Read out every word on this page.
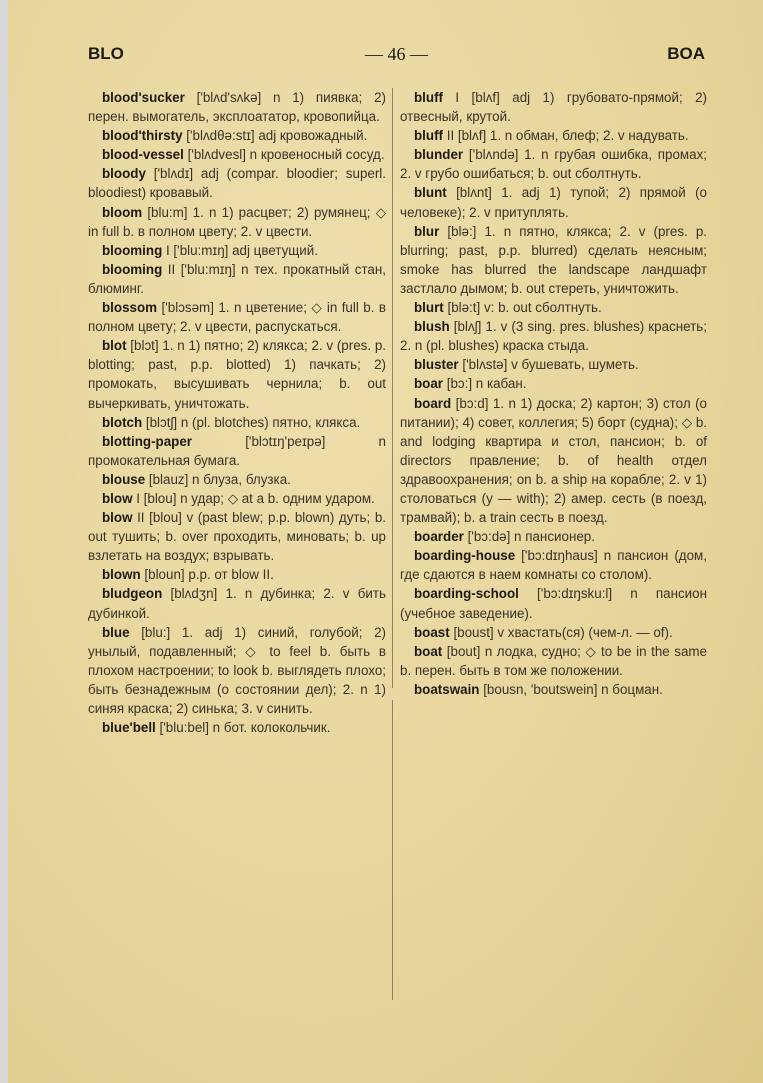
BLO	— 46 —	BOA

blood'sucker ['blʌd'sʌkə] n 1) пиявка; 2) перен. вымогатель, эксплоататор, кровопийца.

blood'thirsty ['blʌdθə:stɪ] adj кровожадный.

blood-vessel ['blʌdvesl] n кровеносный сосуд.

bloody ['blʌdɪ] adj (compar. bloodier; superl. bloodiest) кровавый.

bloom [blu:m] 1. n 1) расцвет; 2) румянец; ◇ in full b. в полном цвету; 2. v цвести.

blooming I ['blu:mɪŋ] adj цветущий.

blooming II ['blu:mɪŋ] n тех. прокатный стан, блюминг.

blossom ['blɔsəm] 1. n цветение; ◇ in full b. в полном цвету; 2. v цвести, распускаться.

blot [blɔt] 1. n 1) пятно; 2) клякса; 2. v (pres. p. blotting; past, p.p. blotted) 1) пачкать; 2) промокать, высушивать чернила; b. out вычеркивать, уничтожать.

blotch [blɔtʃ] n (pl. blotches) пятно, клякса.

blotting-paper ['blɔtɪŋ'peɪpə] n промокательная бумага.

blouse [blauz] n блуза, блузка.

blow I [blou] n удар; ◇ at a b. одним ударом.

blow II [blou] v (past blew; p.p. blown) дуть; b. out тушить; b. over проходить, миновать; b. up взлетать на воздух; взрывать.

blown [bloun] p.p. от blow II.

bludgeon [blʌdʒn] 1. n дубинка; 2. v бить дубинкой.

blue [blu:] 1. adj 1) синий, голубой; 2) унылый, подавленный; ◇ to feel b. быть в плохом настроении; to look b. выглядеть плохо; быть безнадежным (о состоянии дел); 2. n 1) синяя краска; 2) синька; 3. v синить.

blue'bell ['blu:bel] n бот. колокольчик.

bluff I [blʌf] adj 1) грубовато-прямой; 2) отвесный, крутой.

bluff II [blʌf] 1. n обман, блеф; 2. v надувать.

blunder ['blʌndə] 1. n грубая ошибка, промах; 2. v грубо ошибаться; b. out сболтнуть.

blunt [blʌnt] 1. adj 1) тупой; 2) прямой (о человеке); 2. v притуплять.

blur [blə:] 1. n пятно, клякса; 2. v (pres. p. blurring; past, p.p. blurred) сделать неясным; smoke has blurred the landscape ландшафт застлало дымом; b. out стереть, уничтожить.

blurt [blə:t] v: b. out сболтнуть.

blush [blʌʃ] 1. v (3 sing. pres. blushes) краснеть; 2. n (pl. blushes) краска стыда.

bluster ['blʌstə] v бушевать, шуметь.

boar [bɔ:] n кабан.

board [bɔ:d] 1. n 1) доска; 2) картон; 3) стол (о питании); 4) совет, коллегия; 5) борт (судна); ◇ b. and lodging квартира и стол, пансион; b. of directors правление; b. of health отдел здравоохранения; on b. a ship на корабле; 2. v 1) столоваться (у — with); 2) амер. сесть (в поезд, трамвай); b. a train сесть в поезд.

boarder ['bɔ:də] n пансионер.

boarding-house ['bɔ:dɪŋhaus] n пансион (дом, где сдаются в наем комнаты со столом).

boarding-school ['bɔ:dɪŋsku:l] n пансион (учебное заведение).

boast [boust] v хвастать(ся) (чем-л. — of).

boat [bout] n лодка, судно; ◇ to be in the same b. перен. быть в том же положении.

boatswain [bousn, 'boutswein] n боцман.
